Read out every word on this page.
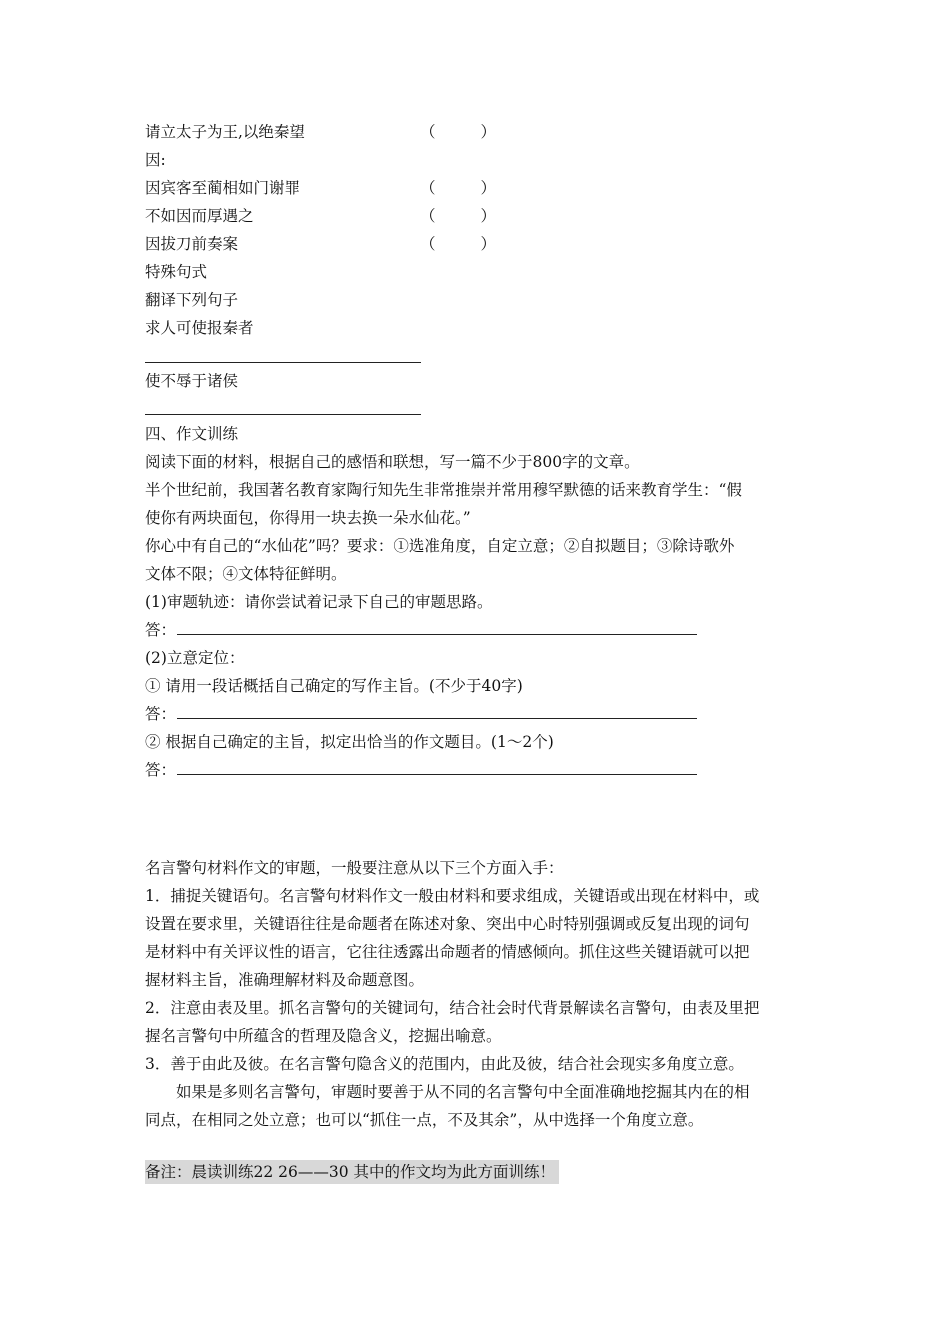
请立太子为王,以绝秦望	（	）
因:
因宾客至蔺相如门谢罪	（	）
不如因而厚遇之	（	）
因拔刀前奏案	（	）
特殊句式
翻译下列句子
求人可使报秦者
使不辱于诸侯
四、作文训练
阅读下面的材料，根据自己的感悟和联想，写一篇不少于800字的文章。
半个世纪前，我国著名教育家陶行知先生非常推崇并常用穆罕默德的话来教育学生：“假
使你有两块面包，你得用一块去换一朵水仙花。”
你心中有自己的“水仙花”吗？要求：①选准角度，自定立意；②自拟题目；③除诗歌外
文体不限；④文体特征鲜明。
(1)审题轨迹：请你尝试着记录下自己的审题思路。
答：
(2)立意定位：
① 请用一段话概括自己确定的写作主旨。(不少于40字)
答：
② 根据自己确定的主旨，拟定出恰当的作文题目。(1～2个)
答：
名言警句材料作文的审题，一般要注意从以下三个方面入手：
1．捕捉关键语句。名言警句材料作文一般由材料和要求组成，关键语或出现在材料中，或
设置在要求里，关键语往往是命题者在陈述对象、突出中心时特别强调或反复出现的词句
是材料中有关评议性的语言，它往往透露出命题者的情感倾向。抓住这些关键语就可以把
握材料主旨，准确理解材料及命题意图。
2．注意由表及里。抓名言警句的关键词句，结合社会时代背景解读名言警句，由表及里把
握名言警句中所蕴含的哲理及隐含义，挖掘出喻意。
3．善于由此及彼。在名言警句隐含义的范围内，由此及彼，结合社会现实多角度立意。
如果是多则名言警句，审题时要善于从不同的名言警句中全面准确地挖掘其内在的相
同点，在相同之处立意；也可以“抓住一点，不及其余”，从中选择一个角度立意。
备注：晨读训练22 26——30 其中的作文均为此方面训练！
